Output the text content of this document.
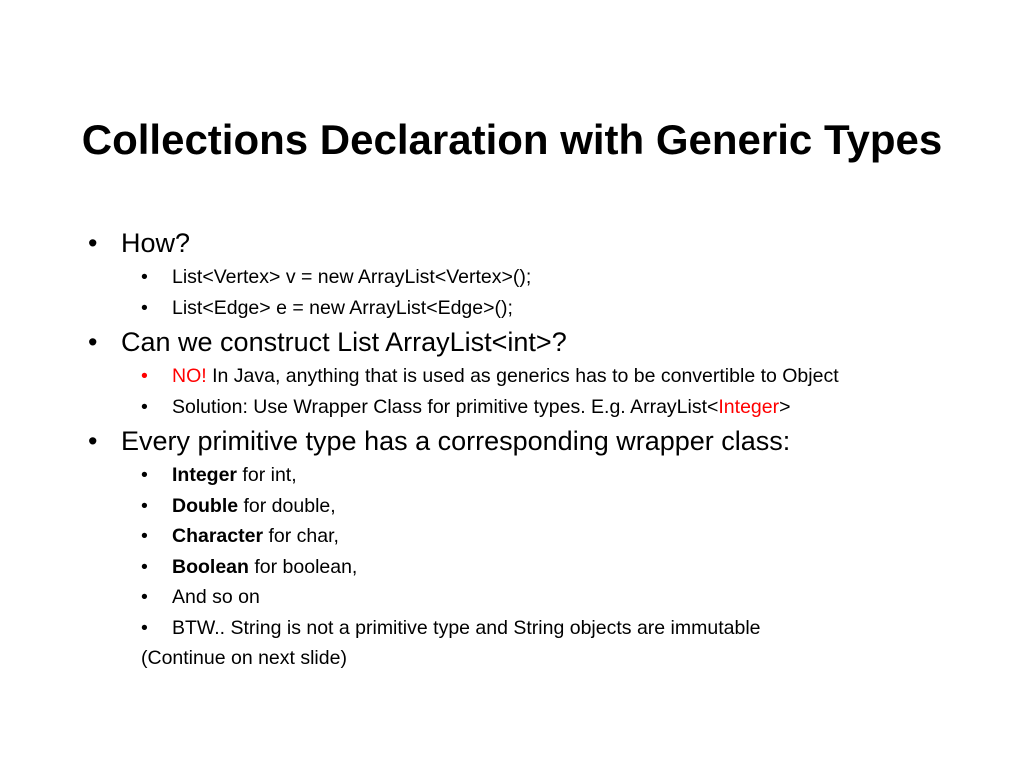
Collections Declaration with Generic Types
• How?
• List<Vertex> v = new ArrayList<Vertex>();
• List<Edge> e = new ArrayList<Edge>();
• Can we construct List ArrayList<int>?
• NO! In Java, anything that is used as generics has to be convertible to Object
• Solution: Use Wrapper Class for primitive types. E.g. ArrayList<Integer>
• Every primitive type has a corresponding wrapper class:
• Integer for int,
• Double for double,
• Character for char,
• Boolean for boolean,
• And so on
• BTW.. String is not a primitive type and String objects are immutable
(Continue on next slide)
